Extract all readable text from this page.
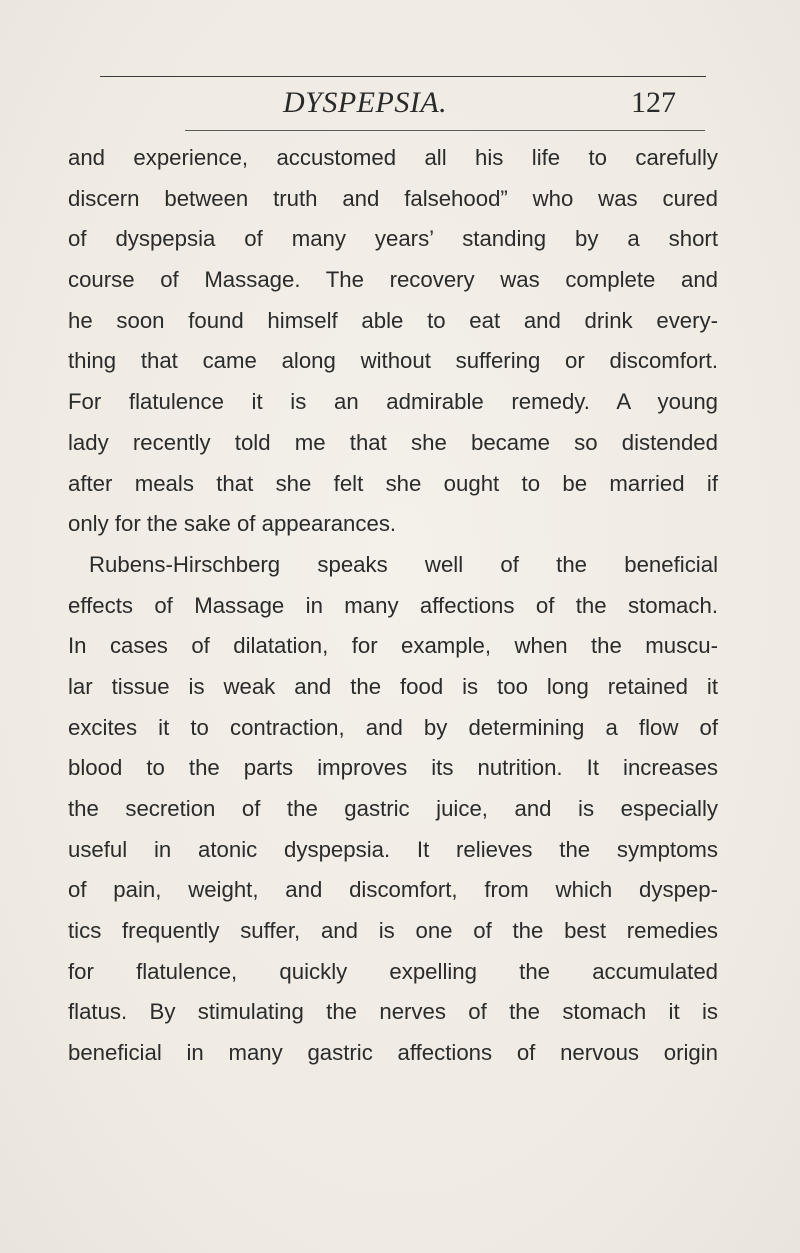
DYSPEPSIA.	127
and experience, accustomed all his life to carefully
discern between truth and falsehood” who was cured
of dyspepsia of many years’ standing by a short
course of Massage. The recovery was complete and
he soon found himself able to eat and drink every-
thing that came along without suffering or discomfort.
For flatulence it is an admirable remedy. A young
lady recently told me that she became so distended
after meals that she felt she ought to be married if
only for the sake of appearances.
Rubens-Hirschberg speaks well of the beneficial
effects of Massage in many affections of the stomach.
In cases of dilatation, for example, when the muscu-
lar tissue is weak and the food is too long retained it
excites it to contraction, and by determining a flow of
blood to the parts improves its nutrition. It increases
the secretion of the gastric juice, and is especially
useful in atonic dyspepsia. It relieves the symptoms
of pain, weight, and discomfort, from which dyspep-
tics frequently suffer, and is one of the best remedies
for flatulence, quickly expelling the accumulated
flatus. By stimulating the nerves of the stomach it is
beneficial in many gastric affections of nervous origin
